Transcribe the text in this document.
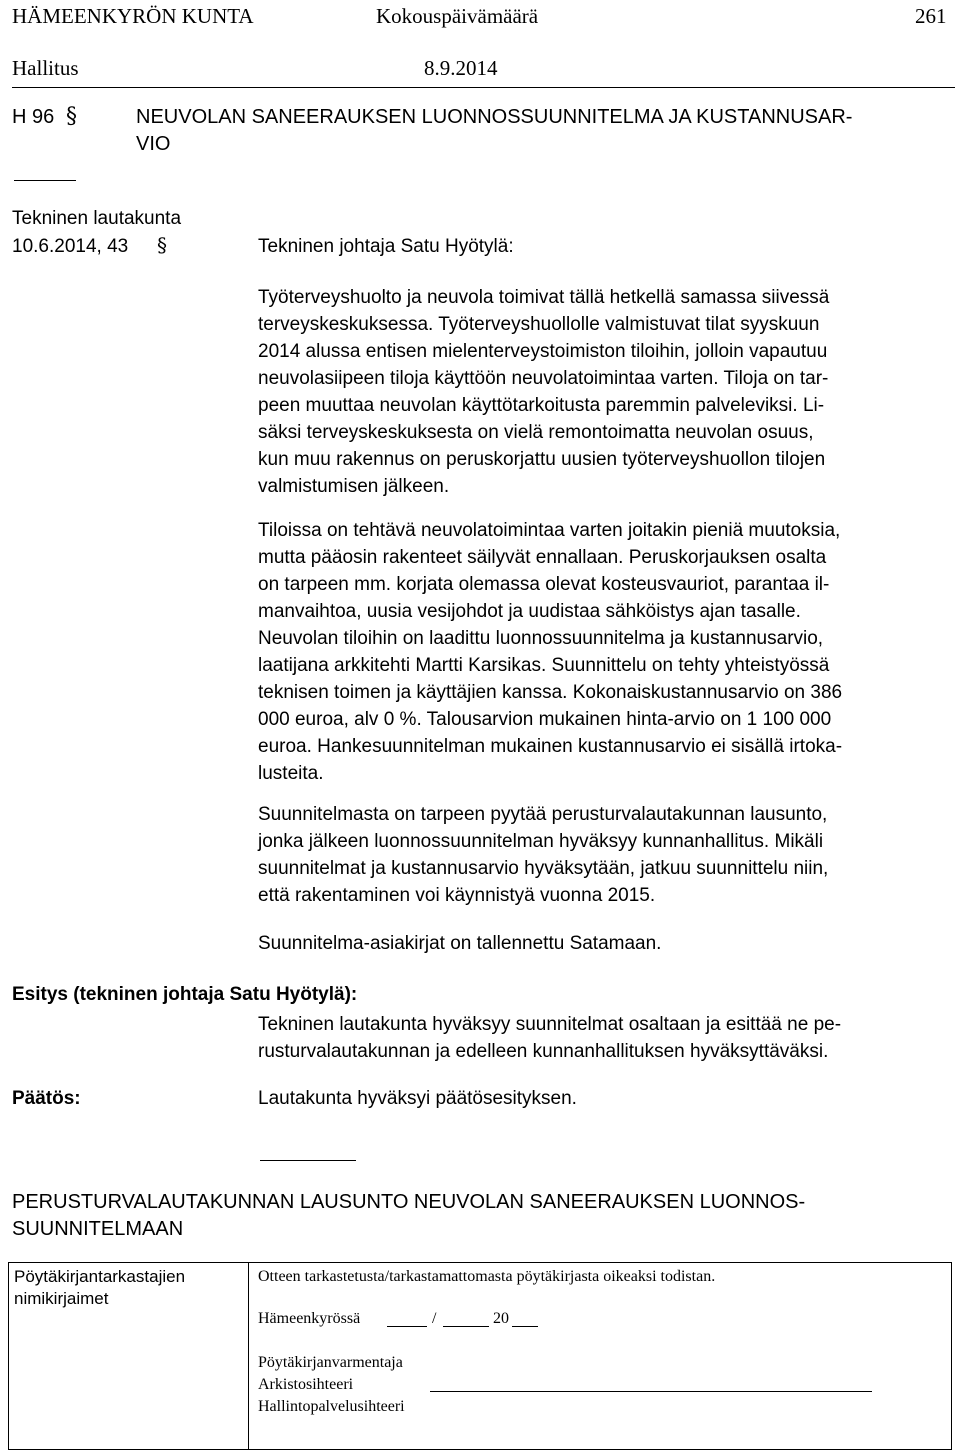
HÄMEENKYRÖN KUNTA	Kokouspäivämäärä	261
Hallitus	8.9.2014
H 96 §	NEUVOLAN SANEERAUKSEN LUONNOSSUUNNITELMA JA KUSTANNUSAR-
VIO
Tekninen lautakunta
10.6.2014, 43 §	Tekninen johtaja Satu Hyötylä:
Työterveyshuolto ja neuvola toimivat tällä hetkellä samassa siivessä
terveyskeskuksessa. Työterveyshuollolle valmistuvat tilat syyskuun
2014 alussa entisen mielenterveystoimiston tiloihin, jolloin vapautuu
neuvolasiipeen tiloja käyttöön neuvolatoimintaa varten. Tiloja on tar-
peen muuttaa neuvolan käyttötarkoitusta paremmin palveleviksi. Li-
säksi terveyskeskuksesta on vielä remontoimatta neuvolan osuus,
kun muu rakennus on peruskorjattu uusien työterveyshuollon tilojen
valmistumisen jälkeen.
Tiloissa on tehtävä neuvolatoimintaa varten joitakin pieniä muutoksia,
mutta pääosin rakenteet säilyvät ennallaan. Peruskorjauksen osalta
on tarpeen mm. korjata olemassa olevat kosteusvauriot, parantaa il-
manvaihtoa, uusia vesijohdot ja uudistaa sähköistys ajan tasalle.
Neuvolan tiloihin on laadittu luonnossuunnitelma ja kustannusarvio,
laatijana arkkitehti Martti Karsikas. Suunnittelu on tehty yhteistyössä
teknisen toimen ja käyttäjien kanssa. Kokonaiskustannusarvio on 386
000 euroa, alv 0 %. Talousarvion mukainen hinta-arvio on 1 100 000
euroa. Hankesuunnitelman mukainen kustannusarvio ei sisällä irtoka-
lusteita.
Suunnitelmasta on tarpeen pyytää perusturvalautakunnan lausunto,
jonka jälkeen luonnossuunnitelman hyväksyy kunnanhallitus. Mikäli
suunnitelmat ja kustannusarvio hyväksytään, jatkuu suunnittelu niin,
että rakentaminen voi käynnistyä vuonna 2015.
Suunnitelma-asiakirjat on tallennettu Satamaan.
Esitys (tekninen johtaja Satu Hyötylä):
Tekninen lautakunta hyväksyy suunnitelmat osaltaan ja esittää ne pe-
rusturvalautakunnan ja edelleen kunnanhallituksen hyväksyttäväksi.
Päätös:	Lautakunta hyväksyi päätösesityksen.
PERUSTURVALAUTAKUNNAN LAUSUNTO NEUVOLAN SANEERAUKSEN LUONNOS-
SUUNNITELMAAN
Pöytäkirjantarkastajien
nimikirjaimet
Otteen tarkastetusta/tarkastamattomasta pöytäkirjasta oikeaksi todistan.
Hämeenkyrössä	/	20
Pöytäkirjanvarmentaja
Arkistosihteeri
Hallintopalvelusihteeri
